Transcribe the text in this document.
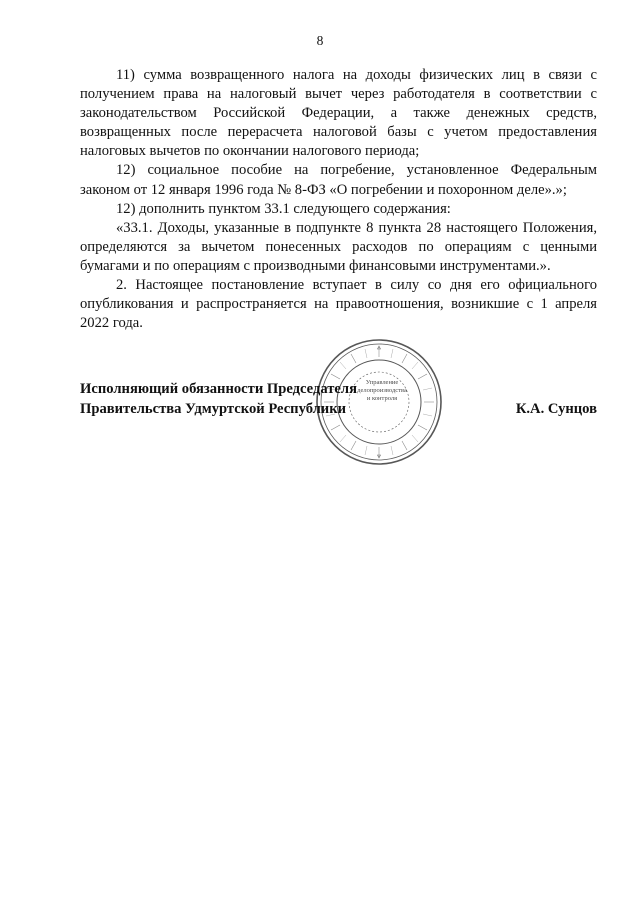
8

11) сумма возвращенного налога на доходы физических лиц в связи с получением права на налоговый вычет через работодателя в соответствии с законодательством Российской Федерации, а также денежных средств, возвращенных после перерасчета налоговой базы с учетом предоставления налоговых вычетов по окончании налогового периода;

12) социальное пособие на погребение, установленное Федеральным законом от 12 января 1996 года № 8-ФЗ «О погребении и похоронном деле».»;

12) дополнить пунктом 33.1 следующего содержания:

«33.1. Доходы, указанные в подпункте 8 пункта 28 настоящего Положения, определяются за вычетом понесенных расходов по операциям с ценными бумагами и по операциям с производными финансовыми инструментами.».

2. Настоящее постановление вступает в силу со дня его официального опубликования и распространяется на правоотношения, возникшие с 1 апреля 2022 года.

Управление
делопроизводства
и контроля
Исполняющий обязанности Председателя
Правительства Удмуртской Республики	К.А. Сунцов
